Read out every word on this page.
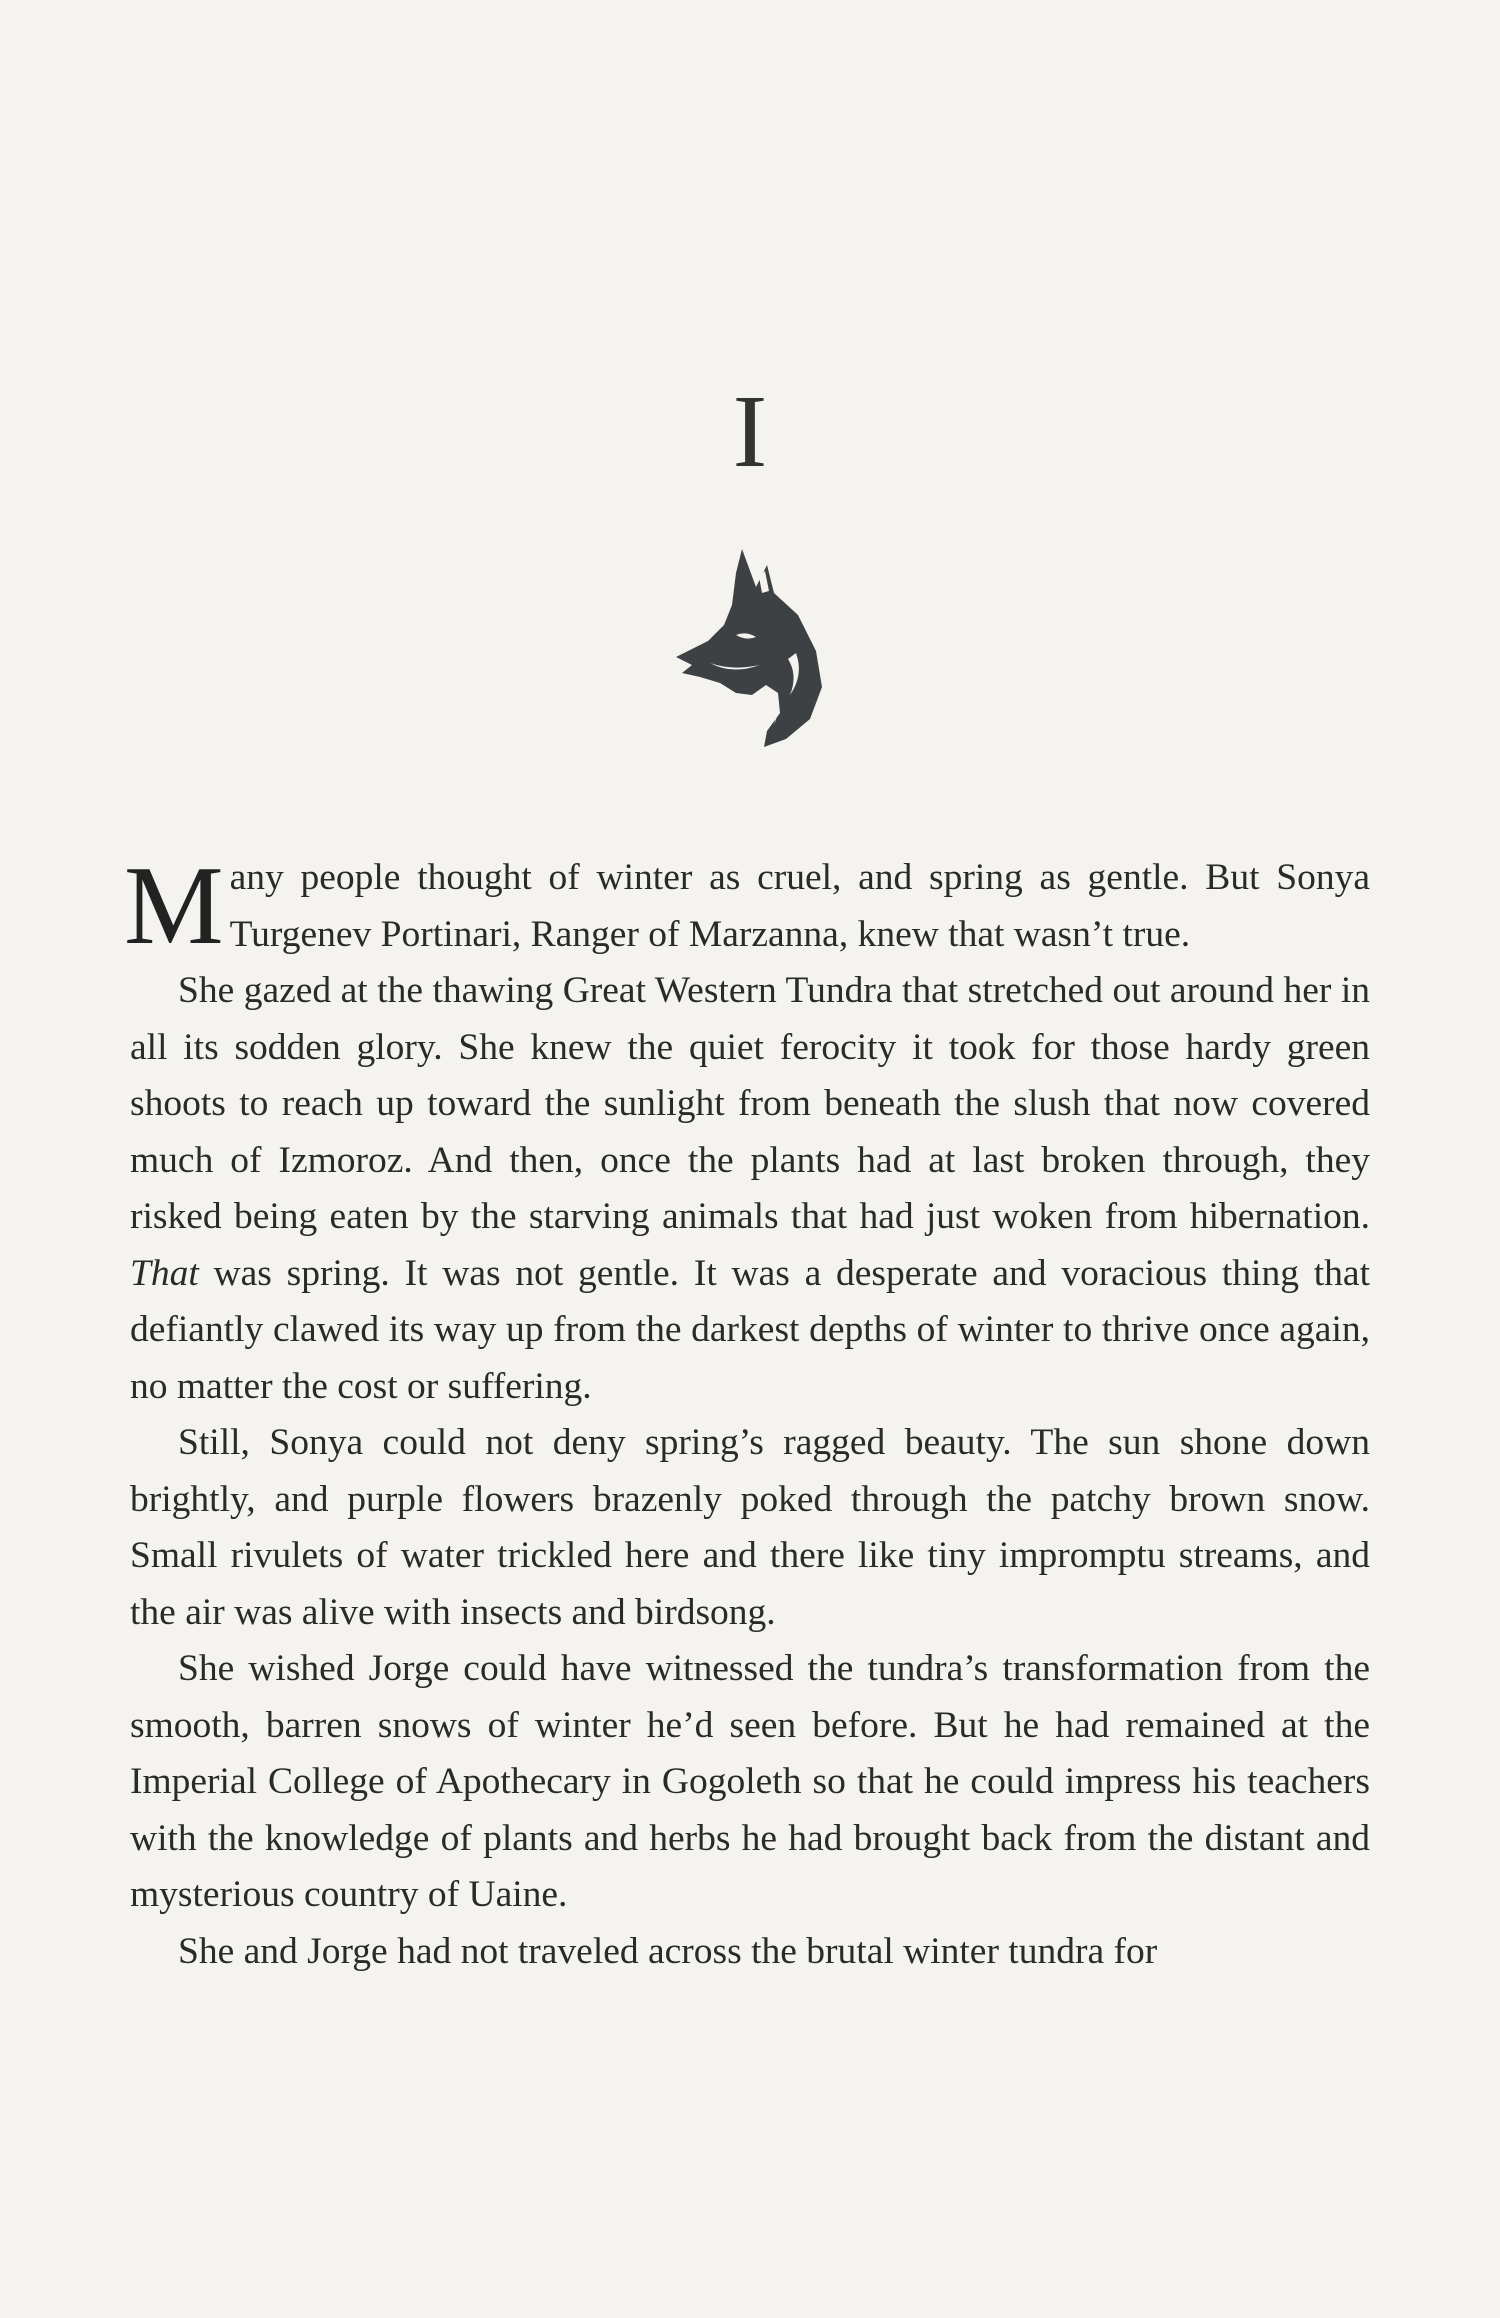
I

Many people thought of winter as cruel, and spring as gentle. But Sonya Turgenev Portinari, Ranger of Marzanna, knew that wasn’t true.

She gazed at the thawing Great Western Tundra that stretched out around her in all its sodden glory. She knew the quiet ferocity it took for those hardy green shoots to reach up toward the sunlight from beneath the slush that now covered much of Izmoroz. And then, once the plants had at last broken through, they risked being eaten by the starving animals that had just woken from hibernation. That was spring. It was not gentle. It was a desperate and voracious thing that defiantly clawed its way up from the darkest depths of winter to thrive once again, no matter the cost or suffering.

Still, Sonya could not deny spring’s ragged beauty. The sun shone down brightly, and purple flowers brazenly poked through the patchy brown snow. Small rivulets of water trickled here and there like tiny impromptu streams, and the air was alive with insects and birdsong.

She wished Jorge could have witnessed the tundra’s transformation from the smooth, barren snows of winter he’d seen before. But he had remained at the Imperial College of Apothecary in Gogoleth so that he could impress his teachers with the knowledge of plants and herbs he had brought back from the distant and mysterious country of Uaine.

She and Jorge had not traveled across the brutal winter tundra for
